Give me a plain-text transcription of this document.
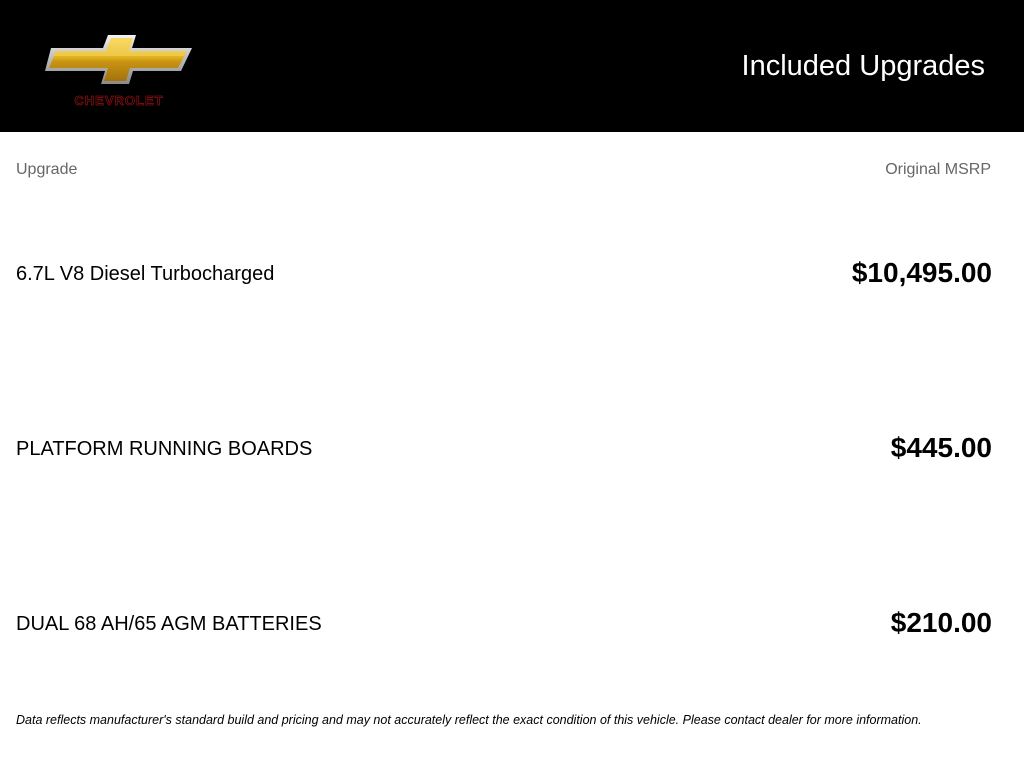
CHEVROLET
Included Upgrades
Upgrade	Original MSRP
6.7L V8 Diesel Turbocharged	$10,495.00
PLATFORM RUNNING BOARDS	$445.00
DUAL 68 AH/65 AGM BATTERIES	$210.00
Data reflects manufacturer's standard build and pricing and may not accurately reflect the exact condition of this vehicle. Please contact dealer for more information.
